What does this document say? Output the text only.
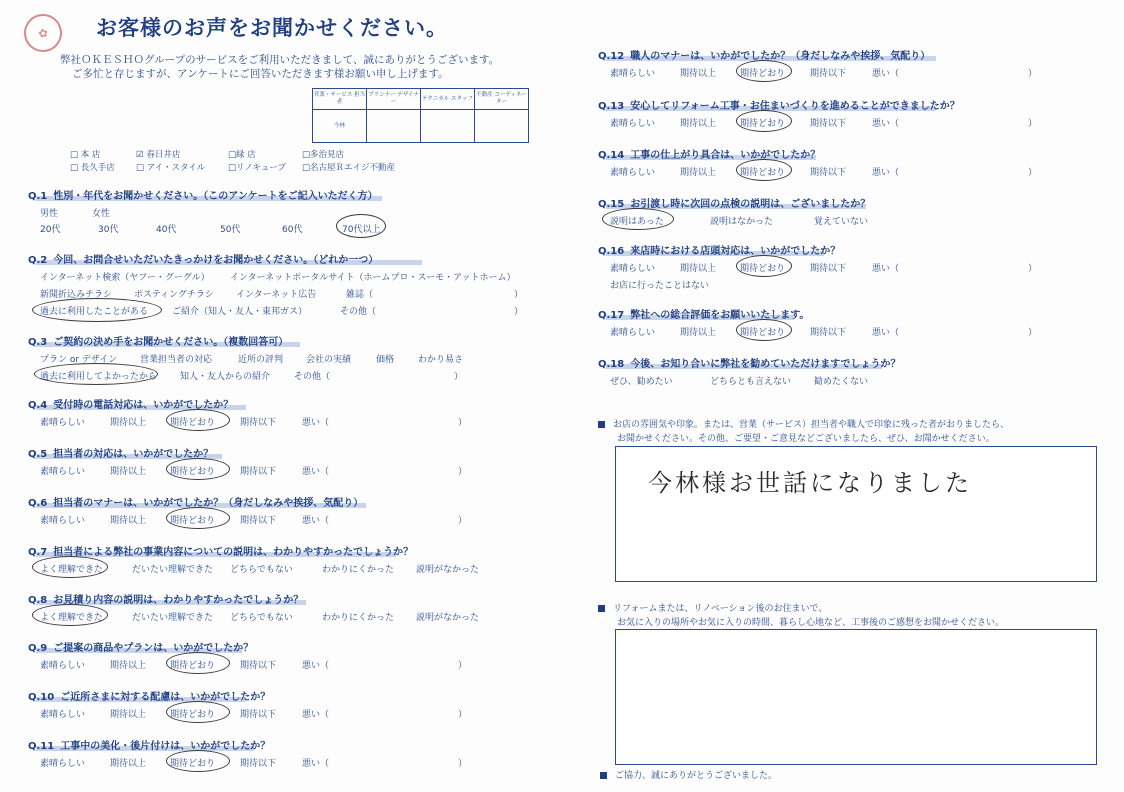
✿	お客様のお声をお聞かせください。
弊社ＯＫＥＳＨＯグループのサービスをご利用いただきまして、誠にありがとうございます。
ご多忙と存じますが、アンケートにご回答いただきます様お願い申し上げます。
営業・サービス 担当者	プランナー デザイナー	テクニカル スタッフ	不動産 コーディネーター
今林			
□ 本 店	☑ 春日井店	□緑 店	□多治見店
□ 長久手店	□ アイ・スタイル	□リノキューブ □名古屋Ｒエイジ不動産
Q.1 性別・年代をお聞かせください。（このアンケートをご記入いただく方）
男性	女性
20代	30代	40代	50代	60代	70代以上
Q.2 今回、お問合せいただいたきっかけをお聞かせください。（どれか一つ）
インターネット検索（ヤフー・グーグル） インターネットポータルサイト（ホームプロ・スーモ・アットホーム）
新聞折込みチラシ ポスティングチラシ インターネット広告	雑誌（	）
過去に利用したことがある	ご紹介（知人・友人・東邦ガス）	その他（	）
Q.3 ご契約の決め手をお聞かせください。（複数回答可）
プラン or デザイン	営業担当者の対応	近所の評判	会社の実績	価格	わかり易さ
過去に利用してよかったから	知人・友人からの紹介	その他（	）
Q.4 受付時の電話対応は、いかがでしたか？
素晴らしい	期待以上	期待どおり	期待以下	悪い（	）
Q.5 担当者の対応は、いかがでしたか？
素晴らしい	期待以上	期待どおり	期待以下	悪い（	）
Q.6 担当者のマナーは、いかがでしたか？（身だしなみや挨拶、気配り）
素晴らしい	期待以上	期待どおり	期待以下	悪い（	）
Q.7 担当者による弊社の事業内容についての説明は、わかりやすかったでしょうか？
よく理解できた	だいたい理解できた どちらでもない	わかりにくかった 説明がなかった
Q.8 お見積り内容の説明は、わかりやすかったでしょうか？
よく理解できた	だいたい理解できた どちらでもない	わかりにくかった 説明がなかった
Q.9 ご提案の商品やプランは、いかがでしたか？
素晴らしい	期待以上	期待どおり	期待以下	悪い（	）
Q.10 ご近所さまに対する配慮は、いかがでしたか？
素晴らしい	期待以上	期待どおり	期待以下	悪い（	）
Q.11 工事中の美化・後片付けは、いかがでしたか？
素晴らしい	期待以上	期待どおり	期待以下	悪い（	）
Q.12 職人のマナーは、いかがでしたか？（身だしなみや挨拶、気配り）
素晴らしい	期待以上	期待どおり	期待以下	悪い（	）
Q.13 安心してリフォーム工事・お住まいづくりを進めることができましたか？
素晴らしい	期待以上	期待どおり	期待以下	悪い（	）
Q.14 工事の仕上がり具合は、いかがでしたか？
素晴らしい	期待以上	期待どおり	期待以下	悪い（	）
Q.15 お引渡し時に次回の点検の説明は、ございましたか？
説明はあった	説明はなかった	覚えていない
Q.16 来店時における店頭対応は、いかがでしたか？
素晴らしい	期待以上	期待どおり	期待以下	悪い（	）
Q.17 弊社への総合評価をお願いいたします。
素晴らしい	期待以上	期待どおり	期待以下	悪い（	）
Q.18 今後、お知り合いに弊社を勧めていただけますでしょうか？
ぜひ、勧めたい	どちらとも言えない	勧めたくない
お店に行ったことはない
お店の雰囲気や印象。または、営業（サービス）担当者や職人で印象に残った者がおりましたら、
お聞かせください。その他、ご要望・ご意見などございましたら、ぜひ、お聞かせください。
今林様お世話になりました
リフォームまたは、リノベーション後のお住まいで、
お気に入りの場所やお気に入りの時間、暮らし心地など、工事後のご感想をお聞かせください。
ご協力、誠にありがとうございました。
